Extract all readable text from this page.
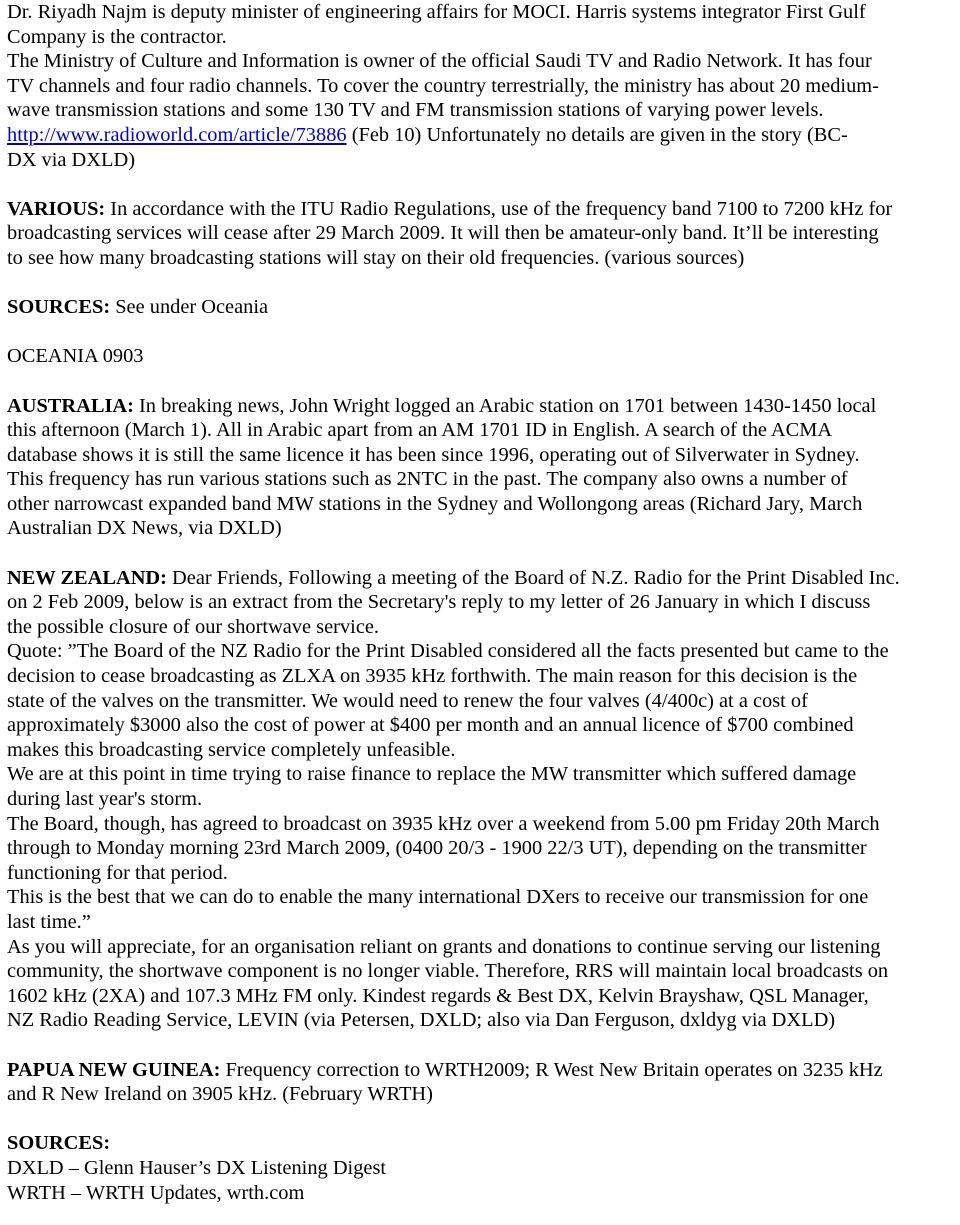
Dr. Riyadh Najm is deputy minister of engineering affairs for MOCI. Harris systems integrator First Gulf

Company is the contractor.

The Ministry of Culture and Information is owner of the official Saudi TV and Radio Network. It has four

TV channels and four radio channels. To cover the country terrestrially, the ministry has about 20 medium-

wave transmission stations and some 130 TV and FM transmission stations of varying power levels.

http://www.radioworld.com/article/73886 (Feb 10) Unfortunately no details are given in the story (BC-

DX via DXLD)

VARIOUS: In accordance with the ITU Radio Regulations, use of the frequency band 7100 to 7200 kHz for

broadcasting services will cease after 29 March 2009. It will then be amateur-only band. It’ll be interesting

to see how many broadcasting stations will stay on their old frequencies. (various sources)

SOURCES: See under Oceania

OCEANIA 0903

AUSTRALIA: In breaking news, John Wright logged an Arabic station on 1701 between 1430-1450 local

this afternoon (March 1). All in Arabic apart from an AM 1701 ID in English. A search of the ACMA

database shows it is still the same licence it has been since 1996, operating out of Silverwater in Sydney.

This frequency has run various stations such as 2NTC in the past. The company also owns a number of

other narrowcast expanded band MW stations in the Sydney and Wollongong areas (Richard Jary, March

Australian DX News, via DXLD)

NEW ZEALAND: Dear Friends, Following a meeting of the Board of N.Z. Radio for the Print Disabled Inc.

on 2 Feb 2009, below is an extract from the Secretary's reply to my letter of 26 January in which I discuss

the possible closure of our shortwave service.

Quote: ”The Board of the NZ Radio for the Print Disabled considered all the facts presented but came to the

decision to cease broadcasting as ZLXA on 3935 kHz forthwith. The main reason for this decision is the

state of the valves on the transmitter. We would need to renew the four valves (4/400c) at a cost of

approximately $3000 also the cost of power at $400 per month and an annual licence of $700 combined

makes this broadcasting service completely unfeasible.

We are at this point in time trying to raise finance to replace the MW transmitter which suffered damage

during last year's storm.

The Board, though, has agreed to broadcast on 3935 kHz over a weekend from 5.00 pm Friday 20th March

through to Monday morning 23rd March 2009, (0400 20/3 - 1900 22/3 UT), depending on the transmitter

functioning for that period.

This is the best that we can do to enable the many international DXers to receive our transmission for one

last time.”

As you will appreciate, for an organisation reliant on grants and donations to continue serving our listening

community, the shortwave component is no longer viable. Therefore, RRS will maintain local broadcasts on

1602 kHz (2XA) and 107.3 MHz FM only. Kindest regards & Best DX, Kelvin Brayshaw, QSL Manager,

NZ Radio Reading Service, LEVIN (via Petersen, DXLD; also via Dan Ferguson, dxldyg via DXLD)

PAPUA NEW GUINEA: Frequency correction to WRTH2009; R West New Britain operates on 3235 kHz

and R New Ireland on 3905 kHz. (February WRTH)

SOURCES:

DXLD – Glenn Hauser’s DX Listening Digest

WRTH – WRTH Updates, wrth.com
